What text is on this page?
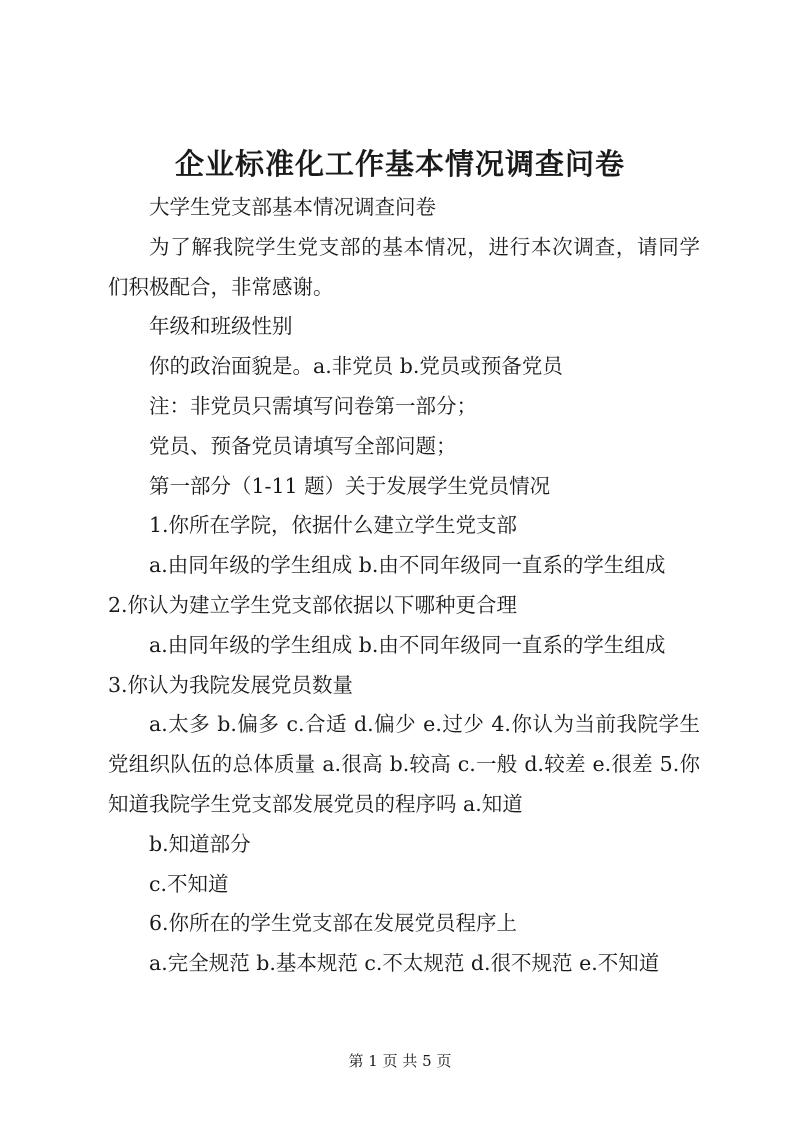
企业标准化工作基本情况调查问卷

大学生党支部基本情况调查问卷

为了解我院学生党支部的基本情况，进行本次调查，请同学们积极配合，非常感谢。

年级和班级性别

你的政治面貌是。a.非党员 b.党员或预备党员

注：非党员只需填写问卷第一部分；

党员、预备党员请填写全部问题；

第一部分（1-11 题）关于发展学生党员情况

1.你所在学院，依据什么建立学生党支部

a.由同年级的学生组成 b.由不同年级同一直系的学生组成

2.你认为建立学生党支部依据以下哪种更合理

a.由同年级的学生组成 b.由不同年级同一直系的学生组成

3.你认为我院发展党员数量

a.太多 b.偏多 c.合适 d.偏少 e.过少 4.你认为当前我院学生党组织队伍的总体质量 a.很高 b.较高 c.一般 d.较差 e.很差 5.你知道我院学生党支部发展党员的程序吗 a.知道

b.知道部分

c.不知道

6.你所在的学生党支部在发展党员程序上

a.完全规范 b.基本规范 c.不太规范 d.很不规范 e.不知道

第 1 页 共 5 页
